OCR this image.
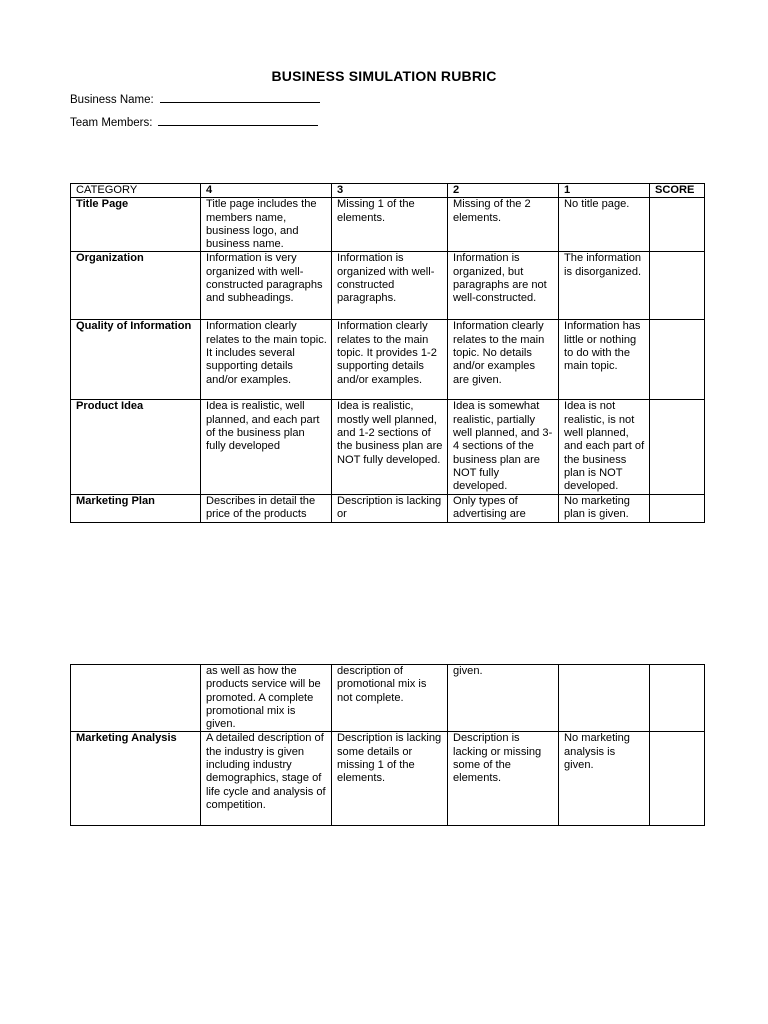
BUSINESS SIMULATION RUBRIC
Business Name:
Team Members:
CATEGORY	4	3	2	1	SCORE
Title Page	Title page includes the members name, business logo, and business name.	Missing 1 of the elements.	Missing of the 2 elements.	No title page.	
Organization	Information is very organized with well-constructed paragraphs and subheadings.	Information is organized with well-constructed paragraphs.	Information is organized, but paragraphs are not well-constructed.	The information is disorganized.	
Quality of Information	Information clearly relates to the main topic. It includes several supporting details and/or examples.	Information clearly relates to the main topic. It provides 1-2 supporting details and/or examples.	Information clearly relates to the main topic. No details and/or examples are given.	Information has little or nothing to do with the main topic.	
Product Idea	Idea is realistic, well planned, and each part of the business plan fully developed	Idea is realistic, mostly well planned, and 1-2 sections of the business plan are NOT fully developed.	Idea is somewhat realistic, partially well planned, and 3-4 sections of the business plan are NOT fully developed.	Idea is not realistic, is not well planned, and each part of the business plan is NOT developed.	
Marketing Plan	Describes in detail the price of the products	Description is lacking or	Only types of advertising are	No marketing plan is given.	
	as well as how the products service will be promoted. A complete promotional mix is given.	description of promotional mix is not complete.	given.		
Marketing Analysis	A detailed description of the industry is given including industry demographics, stage of life cycle and analysis of competition.	Description is lacking some details or missing 1 of the elements.	Description is lacking or missing some of the elements.	No marketing analysis is given.	
